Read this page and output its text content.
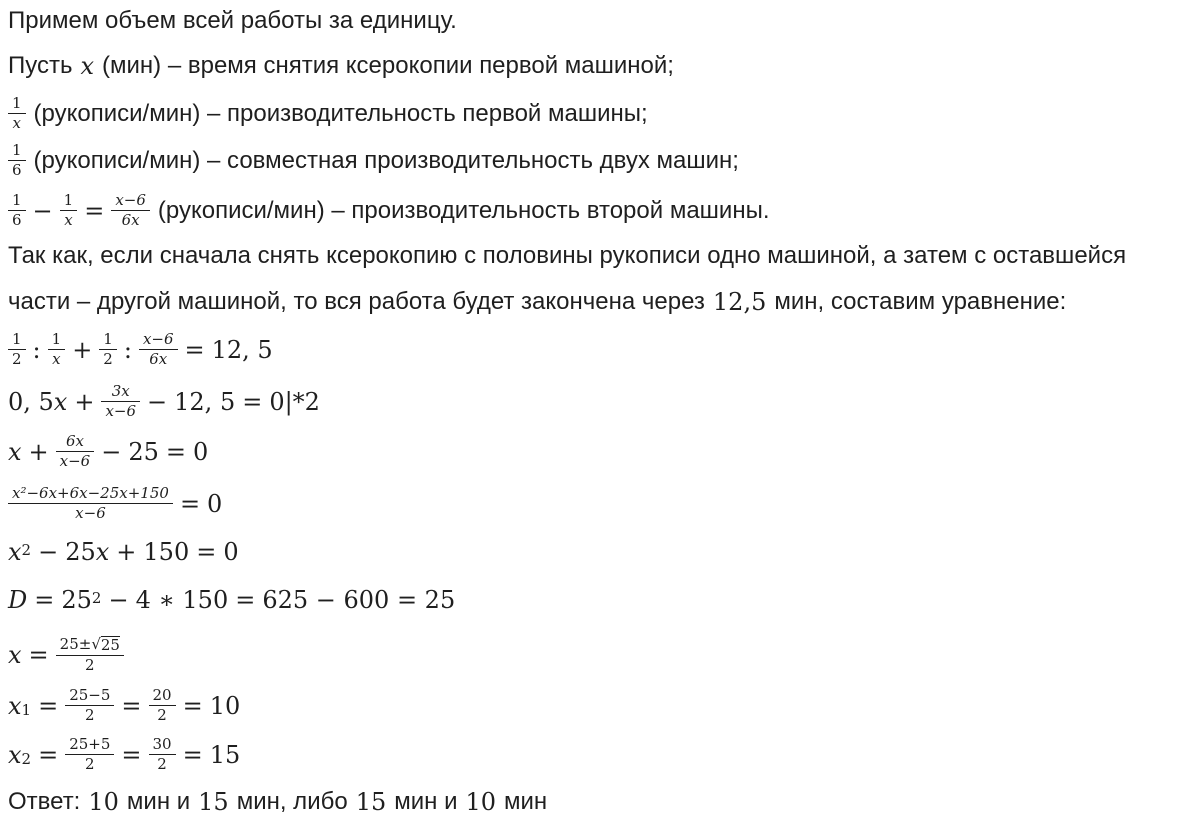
Примем объем всей работы за единицу.
Пусть x (мин) – время снятия ксерокопии первой машиной;
$\frac{1}{x}$ (рукописи/мин) – производительность первой машины;
$\frac{1}{6}$ (рукописи/мин) – совместная производительность двух машин;
$\frac{1}{6} - \frac{1}{x} = \frac{x-6}{6x}$ (рукописи/мин) – производительность второй машины.
Так как, если сначала снять ксерокопию с половины рукописи одно машиной, а затем с оставшейся
части – другой машиной, то вся работа будет закончена через 12,5 мин, составим уравнение:
$\frac{1}{2}$ : $\frac{1}{x} + \frac{1}{2}$ : $\frac{x-6}{6x} = 12$, 5
0, 5 $x + \frac{3x}{x-6} - 12$, 5 = 0|*2
$x + \frac{6x}{x-6} - 25 = 0$
$\frac{\text{x²−6x+6x−25x+150}}{x-6} = 0$
$x^2 - 25$ x + 150 = 0
$D = 25^2 - 4$ ∗ 150 = 625 − 600 = 25
$x = \frac{25\pm √ 25}{2}$
$x_1 = \frac{25-5}{2} = \frac{20}{2} = 10$
$x_2 = \frac{25+5}{2} = \frac{30}{2} = 15$
Ответ: 10 мин и 15 мин, либо 15 мин и 10 мин
